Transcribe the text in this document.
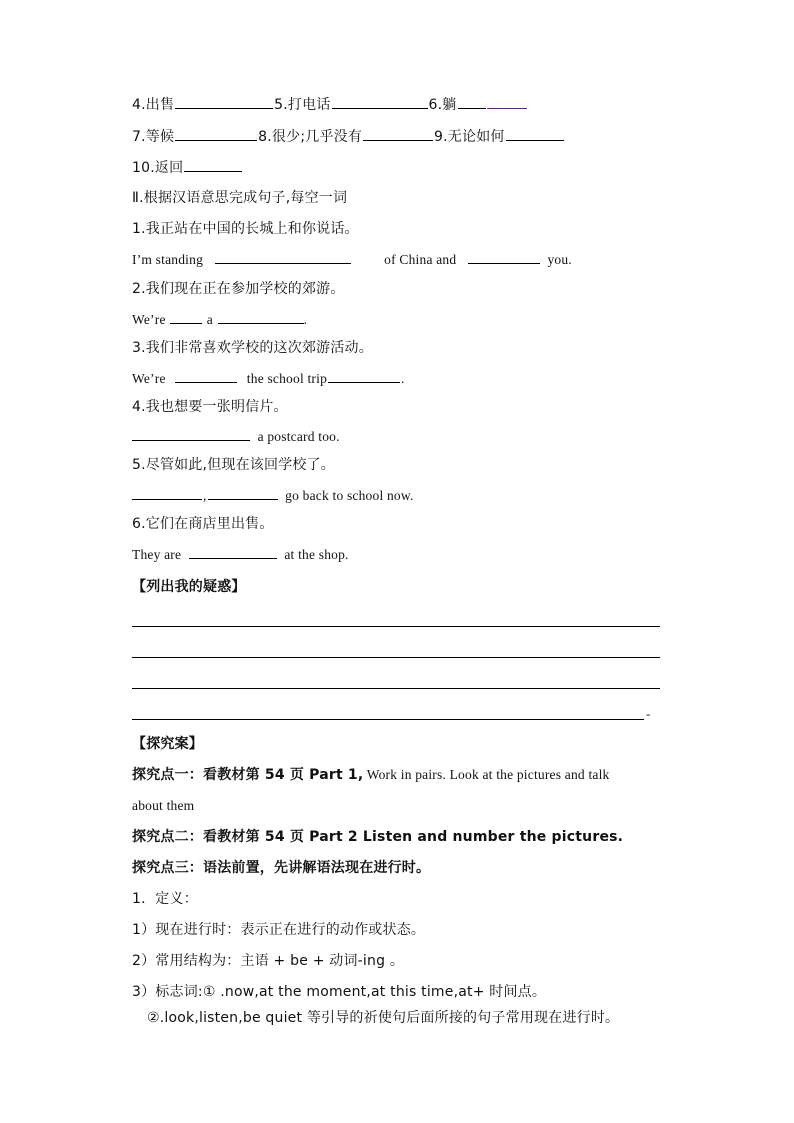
4.出售	5.打电话	6.躺
7.等候	8.很少;几乎没有	9.无论如何
10.返回
Ⅱ.根据汉语意思完成句子,每空一词
1.我正站在中国的长城上和你说话。
I’m standing	of China and	you.
2.我们现在正在参加学校的郊游。
We’re	a	.
3.我们非常喜欢学校的这次郊游活动。
We’re	the school trip	.
4.我也想要一张明信片。
a postcard too.
5.尽管如此,但现在该回学校了。
,	go back to school now.
6.它们在商店里出售。
They are	at the shop.
【列出我的疑惑】
-
【探究案】
探究点一：看教材第 54 页 Part 1, Work in pairs. Look at the pictures and talk
about them
探究点二：看教材第 54 页 Part 2 Listen and number the pictures.
探究点三：语法前置，先讲解语法现在进行时。
1．定义：
1）现在进行时：表示正在进行的动作或状态。
2）常用结构为：主语 + be + 动词-ing 。
3）标志词:① .now,at the moment,at this time,at+ 时间点。
②.look,listen,be quiet 等引导的祈使句后面所接的句子常用现在进行时。
